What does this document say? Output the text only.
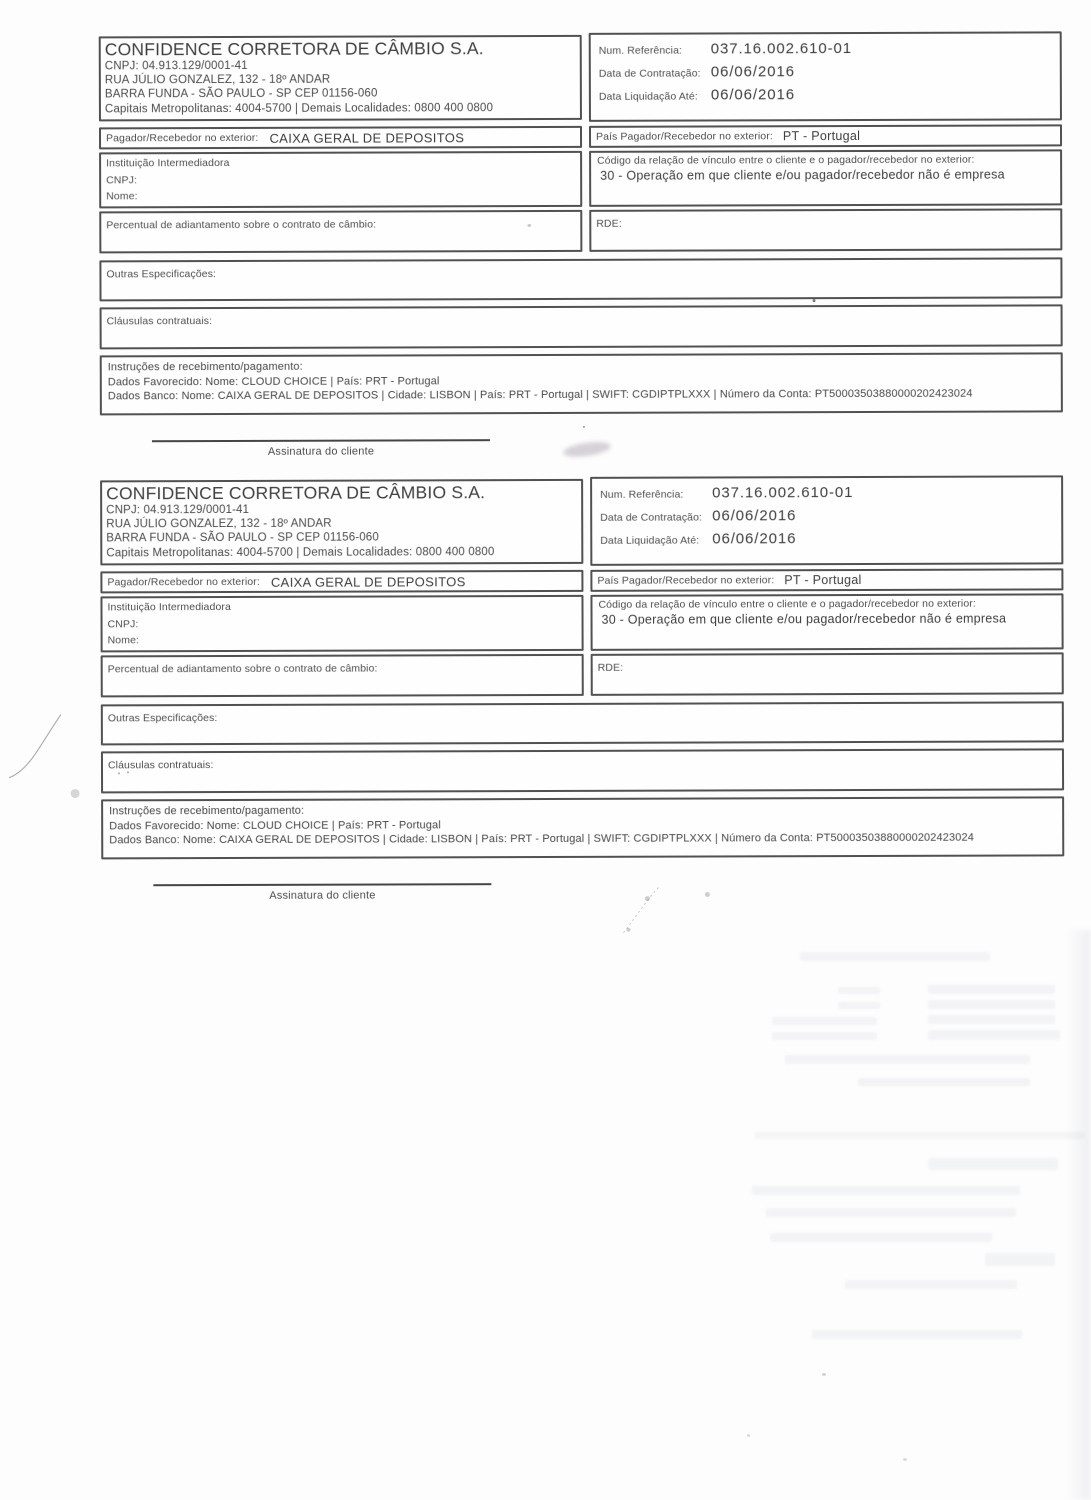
CONFIDENCE CORRETORA DE CÂMBIO S.A.
CNPJ: 04.913.129/0001-41
RUA JÚLIO GONZALEZ, 132 - 18º ANDAR
BARRA FUNDA - SÃO PAULO - SP CEP 01156-060
Capitais Metropolitanas: 4004-5700 | Demais Localidades: 0800 400 0800
Num. Referência:	037.16.002.610-01
Data de Contratação: 06/06/2016
Data Liquidação Até: 06/06/2016
Pagador/Recebedor no exterior: CAIXA GERAL DE DEPOSITOS	País Pagador/Recebedor no exterior: PT - Portugal
Instituição Intermediadora
CNPJ:
Nome:
Código da relação de vínculo entre o cliente e o pagador/recebedor no exterior:
30 - Operação em que cliente e/ou pagador/recebedor não é empresa
Percentual de adiantamento sobre o contrato de câmbio:	RDE:
Outras Especificações:
Cláusulas contratuais:
Instruções de recebimento/pagamento:
Dados Favorecido: Nome: CLOUD CHOICE | País: PRT - Portugal
Dados Banco: Nome: CAIXA GERAL DE DEPOSITOS | Cidade: LISBON | País: PRT - Portugal | SWIFT: CGDIPTPLXXX | Número da Conta: PT50003503880000202423024
Assinatura do cliente
CONFIDENCE CORRETORA DE CÂMBIO S.A.
CNPJ: 04.913.129/0001-41
RUA JÚLIO GONZALEZ, 132 - 18º ANDAR
BARRA FUNDA - SÃO PAULO - SP CEP 01156-060
Capitais Metropolitanas: 4004-5700 | Demais Localidades: 0800 400 0800
Num. Referência:	037.16.002.610-01
Data de Contratação: 06/06/2016
Data Liquidação Até: 06/06/2016
Pagador/Recebedor no exterior: CAIXA GERAL DE DEPOSITOS	País Pagador/Recebedor no exterior: PT - Portugal
Instituição Intermediadora
CNPJ:
Nome:
Código da relação de vínculo entre o cliente e o pagador/recebedor no exterior:
30 - Operação em que cliente e/ou pagador/recebedor não é empresa
Percentual de adiantamento sobre o contrato de câmbio:	RDE:
Outras Especificações:
Cláusulas contratuais:
Instruções de recebimento/pagamento:
Dados Favorecido: Nome: CLOUD CHOICE | País: PRT - Portugal
Dados Banco: Nome: CAIXA GERAL DE DEPOSITOS | Cidade: LISBON | País: PRT - Portugal | SWIFT: CGDIPTPLXXX | Número da Conta: PT50003503880000202423024
Assinatura do cliente
